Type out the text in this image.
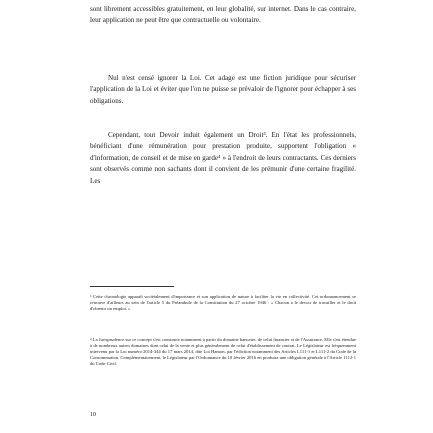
sont librement accessibles gratuitement, en leur globalité, sur internet. Dans le cas contraire, leur application ne peut être que contractuelle ou volontaire.

Nul n'est censé ignorer la Loi. Cet adage est une fiction juridique pour sécuriser l'application de la Loi et éviter que l'on ne puisse se prévaloir de l'ignorer pour échapper à ses obligations.

Cependant, tout Devoir induit également un Droit³. En l'état les professionnels, bénéficiant d'une rémunération pour prestation produite, supportent l'obligation « d'information, de conseil et de mise en garde⁴ » à l'endroit de leurs contractants. Ces derniers sont observés comme non sachants dont il convient de les prémunir d'une certaine fragilité. Les

³ Cette chronologie apparaît sociétalement d'importance et son application de nature à faciliter la vie en collectivité. Cet ordonnancement se retrouve d'ailleurs au sein de l'article 5 du Préambule de la Constitution du 27 octobre 1946 : « Chacun a le devoir de travailler et le droit d'obtenir un emploi. »

⁴ La Jurisprudence sur ce concept s'est construite notamment à partir du domaine bancaire, de celui financier et de l'Assurance. Elle s'est étendue à de nombreux autres domaines dont celui de la vente et plus généralement de celui d'établissement de contrat. Le Législateur est fréquemment intervenu par la Loi numéro 2014-344 du 17 mars 2014, dite Loi Hamon, par l'édiction notamment des Articles L111-1 et L111-2 du Code de la Consommation. Complémentairement, le Législateur par l'Ordonnance du 10 février 2016 en produira une obligation générale à l'Article 1112-1 du Code Civil.

10
